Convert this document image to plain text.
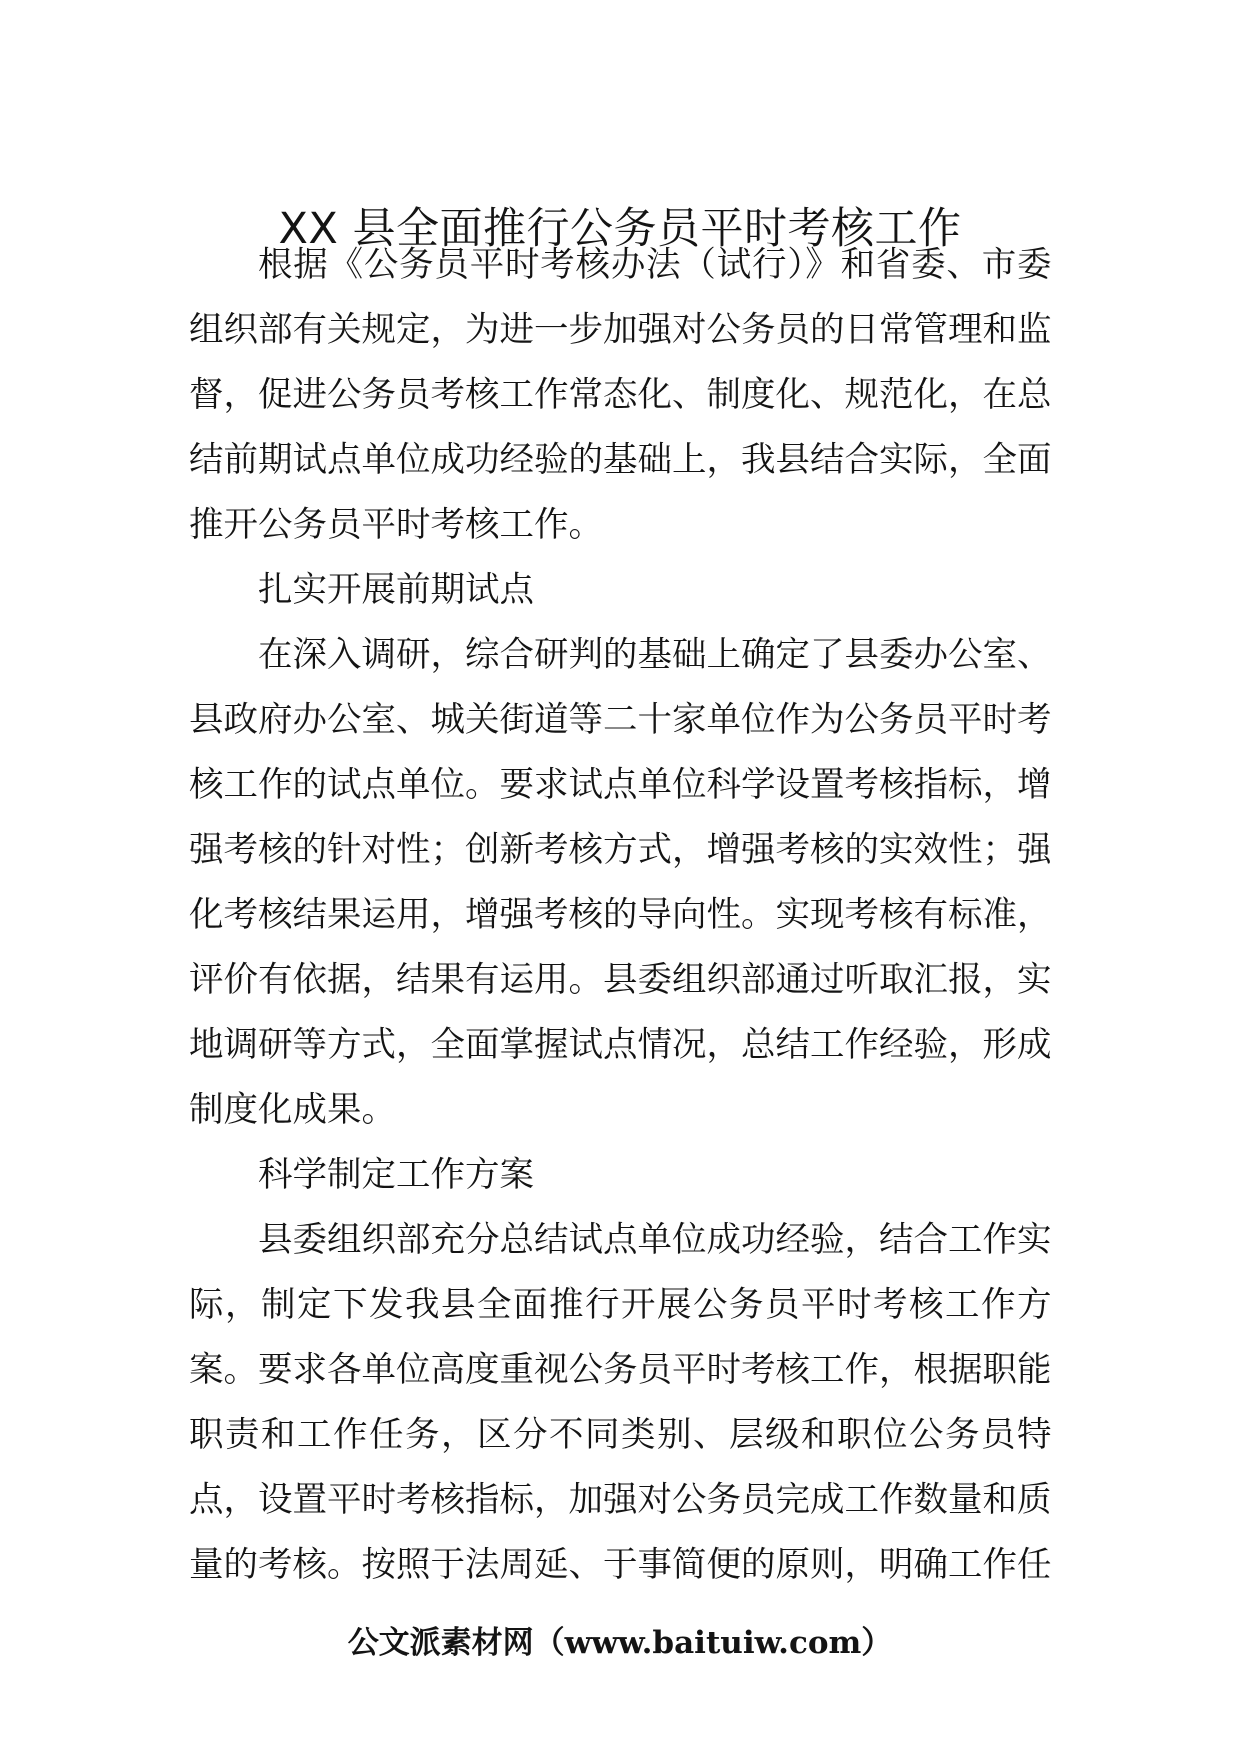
XX 县全面推行公务员平时考核工作

根据《公务员平时考核办法（试行）》和省委、市委组织部有关规定，为进一步加强对公务员的日常管理和监督，促进公务员考核工作常态化、制度化、规范化，在总结前期试点单位成功经验的基础上，我县结合实际，全面推开公务员平时考核工作。

扎实开展前期试点

在深入调研，综合研判的基础上确定了县委办公室、县政府办公室、城关街道等二十家单位作为公务员平时考核工作的试点单位。要求试点单位科学设置考核指标，增强考核的针对性；创新考核方式，增强考核的实效性；强化考核结果运用，增强考核的导向性。实现考核有标准，评价有依据，结果有运用。县委组织部通过听取汇报，实地调研等方式，全面掌握试点情况，总结工作经验，形成制度化成果。

科学制定工作方案

县委组织部充分总结试点单位成功经验，结合工作实际，制定下发我县全面推行开展公务员平时考核工作方案。要求各单位高度重视公务员平时考核工作，根据职能职责和工作任务，区分不同类别、层级和职位公务员特点，设置平时考核指标，加强对公务员完成工作数量和质量的考核。按照于法周延、于事简便的原则，明确工作任

公文派素材网（www.baituiw.com）
